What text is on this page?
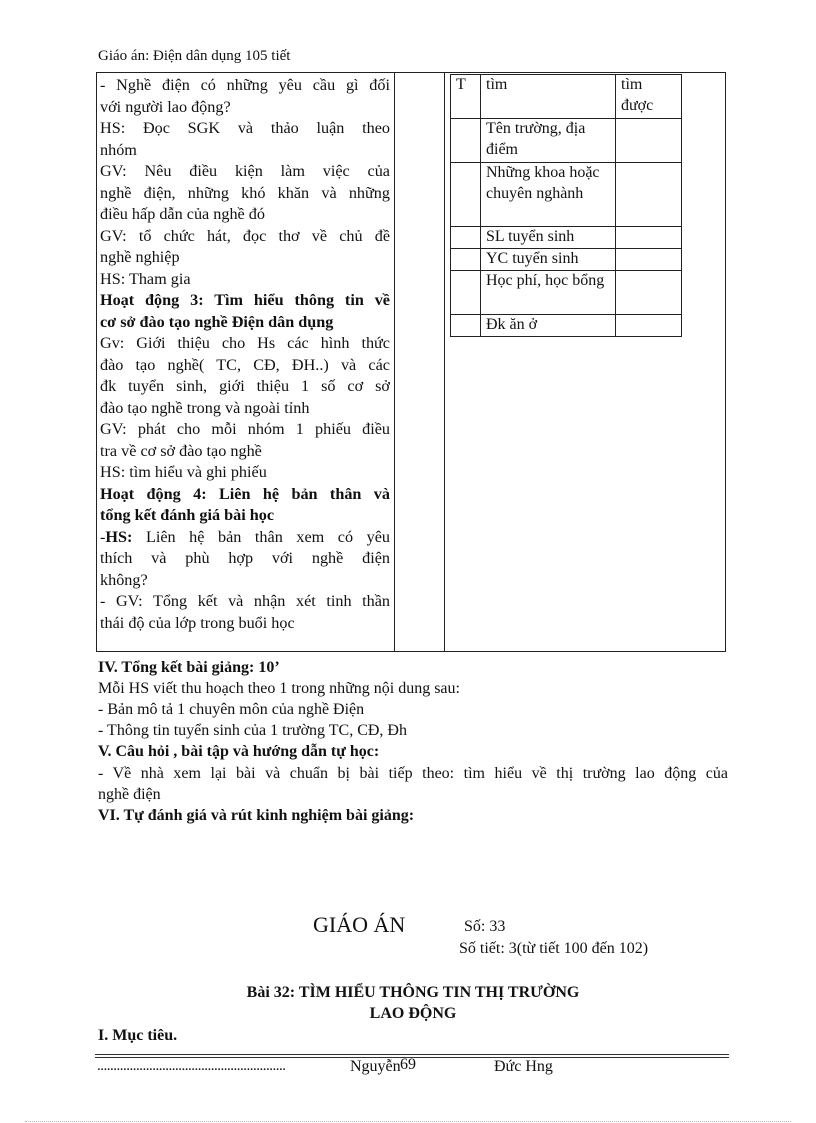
Giáo án: Điện dân dụng 105 tiết
- Nghề điện có những yêu cầu gì đối
với người lao động?
HS: Đọc SGK và thảo luận theo
nhóm
GV: Nêu điều kiện làm việc của
nghề điện, những khó khăn và những
điều hấp dẫn của nghề đó
GV: tổ chức hát, đọc thơ về chủ đề
nghề nghiệp
HS: Tham gia
Hoạt động 3: Tìm hiểu thông tin về
cơ sở đào tạo nghề Điện dân dụng
Gv: Giới thiệu cho Hs các hình thức
đào tạo nghề( TC, CĐ, ĐH..) và các
đk tuyển sinh, giới thiệu 1 số cơ sở
đào tạo nghề trong và ngoài tỉnh
GV: phát cho mỗi nhóm 1 phiếu điều
tra về cơ sở đào tạo nghề
HS: tìm hiểu và ghi phiếu
Hoạt động 4: Liên hệ bản thân và
tổng kết đánh giá bài học
-HS: Liên hệ bản thân xem có yêu
thích và phù hợp với nghề điện
không?
- GV: Tổng kết và nhận xét tinh thần
thái độ của lớp trong buổi học
T	tìm	tìm được
	Tên trường, địa điểm	
	Những khoa hoặc chuyên nghành	
	SL tuyển sinh	
	YC tuyển sinh	
	Học phí, học bổng	
	Đk ăn ở	
IV. Tổng kết bài giảng: 10’
Mỗi HS viết thu hoạch theo 1 trong những nội dung sau:
- Bản mô tả 1 chuyên môn của nghề Điện
- Thông tin tuyển sinh của 1 trường TC, CĐ, Đh
V. Câu hỏi , bài tập và hướng dẫn tự học:
- Về nhà xem lại bài và chuẩn bị bài tiếp theo: tìm hiểu về thị trường lao động của
nghề điện
VI. Tự đánh giá và rút kinh nghiệm bài giảng:
GIÁO ÁN	Số: 33
Số tiết: 3(từ tiết 100 đến 102)
Bài 32: TÌM HIỂU THÔNG TIN THỊ TRƯỜNG
LAO ĐỘNG
I. Mục tiêu.
..........................................................	Nguyễn 69	Đức Hng
